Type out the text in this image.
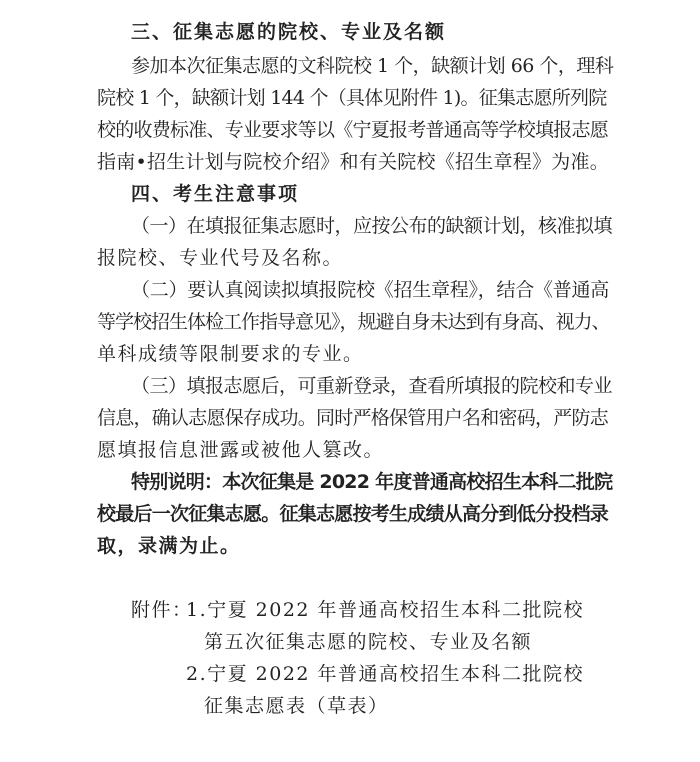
三、征集志愿的院校、专业及名额
参加本次征集志愿的文科院校 1 个，缺额计划 66 个，理科
院校 1 个，缺额计划 144 个（具体见附件 1)。征集志愿所列院
校的收费标准、专业要求等以《宁夏报考普通高等学校填报志愿
指南•招生计划与院校介绍》和有关院校《招生章程》为准。
四、考生注意事项
（一）在填报征集志愿时，应按公布的缺额计划，核准拟填
报院校、专业代号及名称。
（二）要认真阅读拟填报院校《招生章程》，结合《普通高
等学校招生体检工作指导意见》，规避自身未达到有身高、视力、
单科成绩等限制要求的专业。
（三）填报志愿后，可重新登录，查看所填报的院校和专业
信息，确认志愿保存成功。同时严格保管用户名和密码，严防志
愿填报信息泄露或被他人篡改。
特别说明：本次征集是 2022 年度普通高校招生本科二批院
校最后一次征集志愿。征集志愿按考生成绩从高分到低分投档录
取，录满为止。
附件：
1.宁夏 2022 年普通高校招生本科二批院校
第五次征集志愿的院校、专业及名额
2.宁夏 2022 年普通高校招生本科二批院校
征集志愿表（草表）
